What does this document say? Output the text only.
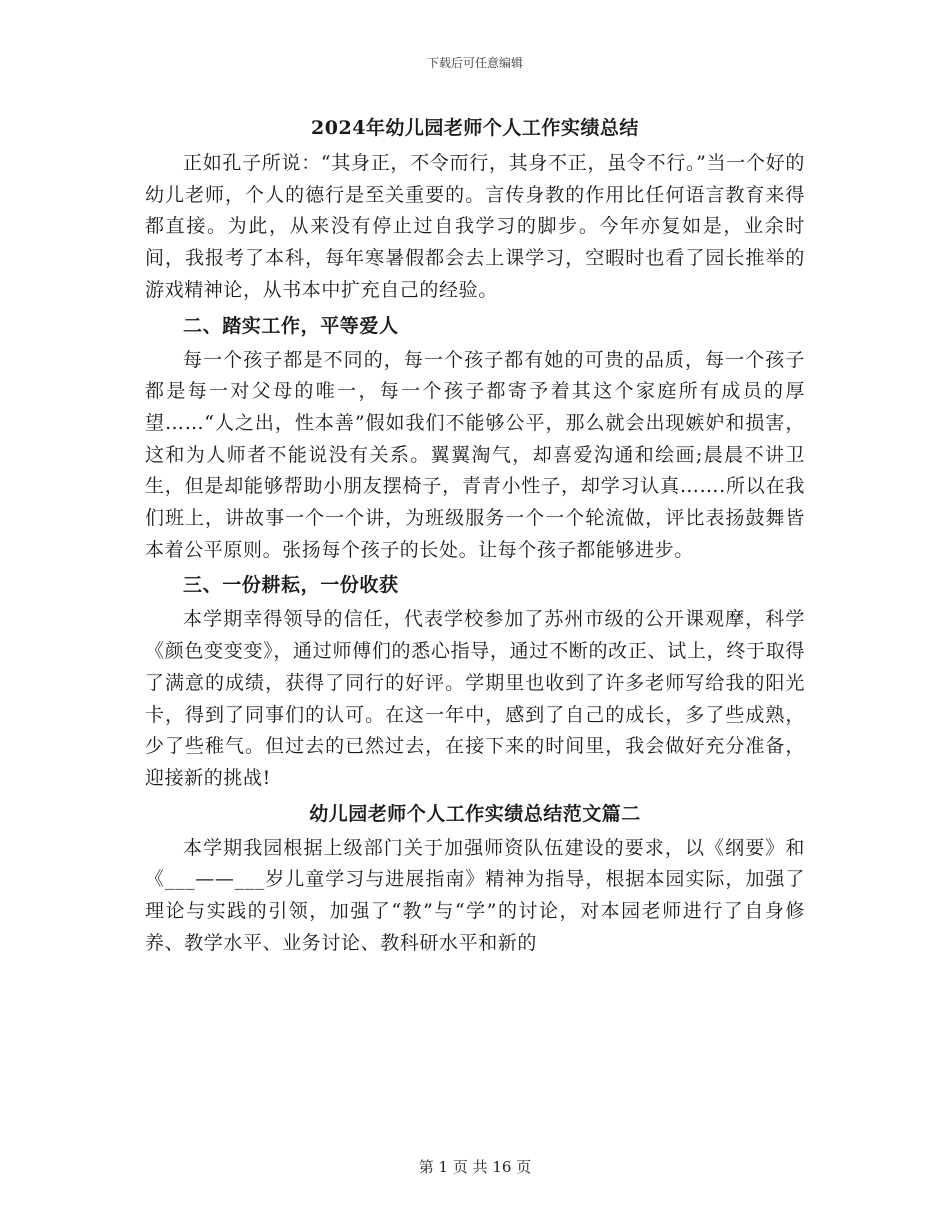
下载后可任意编辑
2024年幼儿园老师个人工作实绩总结

正如孔子所说：“其身正，不令而行，其身不正，虽令不行。”当一个好的幼儿老师，个人的德行是至关重要的。言传身教的作用比任何语言教育来得都直接。为此，从来没有停止过自我学习的脚步。今年亦复如是，业余时间，我报考了本科，每年寒暑假都会去上课学习，空暇时也看了园长推举的游戏精神论，从书本中扩充自己的经验。

二、踏实工作，平等爱人

每一个孩子都是不同的，每一个孩子都有她的可贵的品质，每一个孩子都是每一对父母的唯一，每一个孩子都寄予着其这个家庭所有成员的厚望……“人之出，性本善”假如我们不能够公平，那么就会出现嫉妒和损害，这和为人师者不能说没有关系。翼翼淘气，却喜爱沟通和绘画;晨晨不讲卫生，但是却能够帮助小朋友摆椅子，青青小性子，却学习认真…….所以在我们班上，讲故事一个一个讲，为班级服务一个一个轮流做，评比表扬鼓舞皆本着公平原则。张扬每个孩子的长处。让每个孩子都能够进步。

三、一份耕耘，一份收获

本学期幸得领导的信任，代表学校参加了苏州市级的公开课观摩，科学《颜色变变变》，通过师傅们的悉心指导，通过不断的改正、试上，终于取得了满意的成绩，获得了同行的好评。学期里也收到了许多老师写给我的阳光卡，得到了同事们的认可。在这一年中，感到了自己的成长，多了些成熟，少了些稚气。但过去的已然过去，在接下来的时间里，我会做好充分准备，迎接新的挑战!

幼儿园老师个人工作实绩总结范文篇二

本学期我园根据上级部门关于加强师资队伍建设的要求，以《纲要》和《___——___岁儿童学习与进展指南》精神为指导，根据本园实际，加强了理论与实践的引领，加强了“教”与“学”的讨论，对本园老师进行了自身修养、教学水平、业务讨论、教科研水平和新的

第 1 页 共 16 页
